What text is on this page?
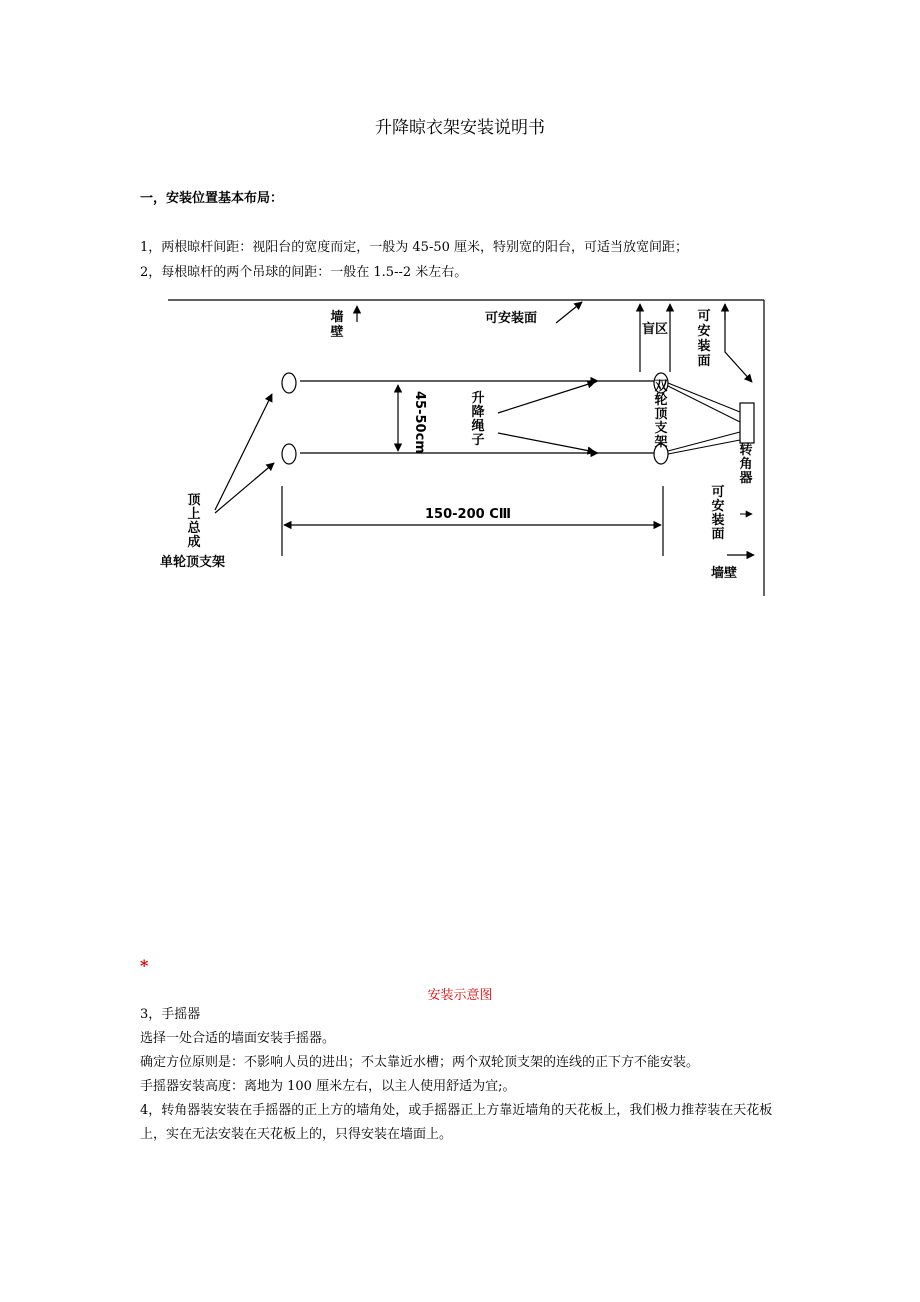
升降晾衣架安装说明书
一，安装位置基本布局：
1，两根晾杆间距：视阳台的宽度而定，一般为 45-50 厘米，特别宽的阳台，可适当放宽间距；
2，每根晾杆的两个吊球的间距：一般在 1.5--2 米左右。
可安装面
盲区
150-200 CⅢ
单轮顶支架
墙壁
45-50cm
墙壁
可安装面
升降绳子
双轮顶支架
转角器
顶上总成
可安装面
*
安装示意图
3，手摇器
选择一处合适的墙面安装手摇器。
确定方位原则是：不影响人员的进出；不太靠近水槽；两个双轮顶支架的连线的正下方不能安装。
手摇器安装高度：离地为 100 厘米左右，以主人使用舒适为宜;。
4，转角器装安装在手摇器的正上方的墙角处，或手摇器正上方靠近墙角的天花板上，我们极力推荐装在天花板上，实在无法安装在天花板上的，只得安装在墙面上。
